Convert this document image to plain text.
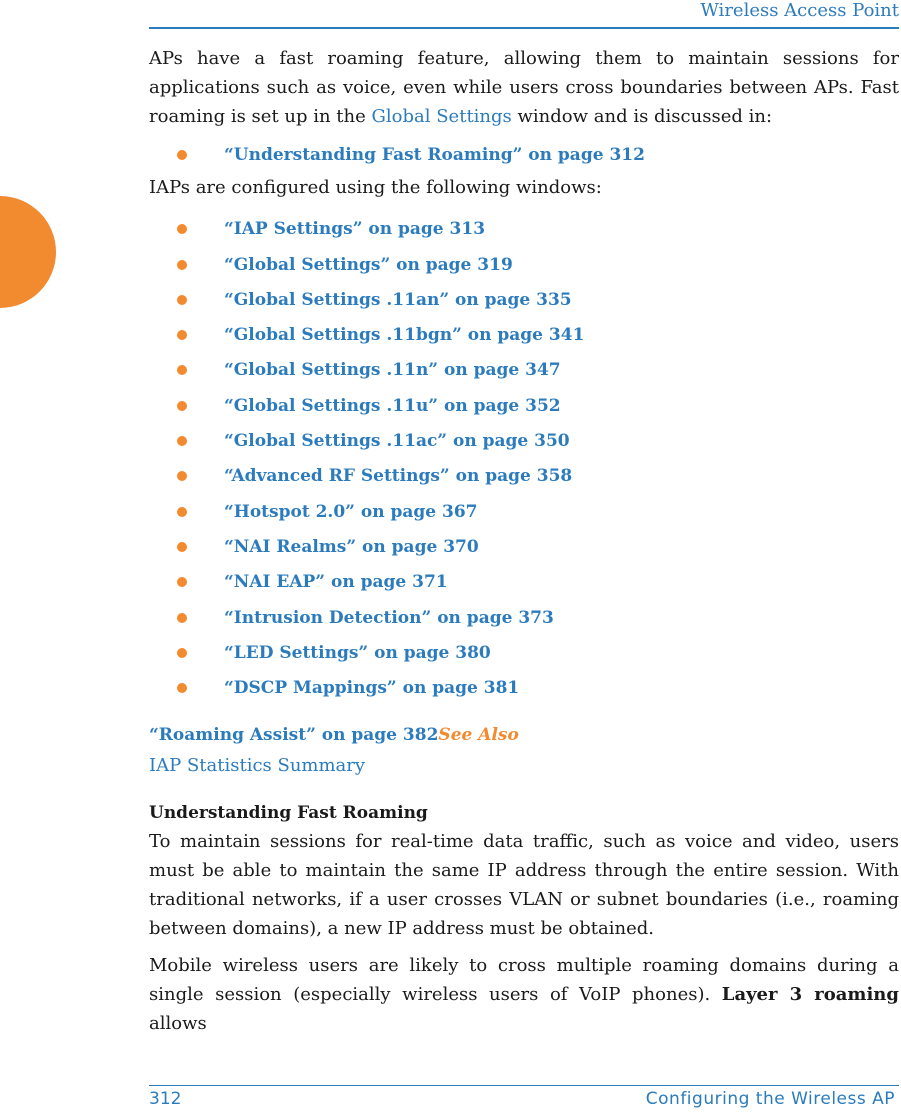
Wireless Access Point

APs have a fast roaming feature, allowing them to maintain sessions for applications such as voice, even while users cross boundaries between APs. Fast roaming is set up in the Global Settings window and is discussed in:

“Understanding Fast Roaming” on page 312

IAPs are configured using the following windows:

“IAP Settings” on page 313
“Global Settings” on page 319
“Global Settings .11an” on page 335
“Global Settings .11bgn” on page 341
“Global Settings .11n” on page 347
“Global Settings .11u” on page 352
“Global Settings .11ac” on page 350
“Advanced RF Settings” on page 358
“Hotspot 2.0” on page 367
“NAI Realms” on page 370
“NAI EAP” on page 371
“Intrusion Detection” on page 373
“LED Settings” on page 380
“DSCP Mappings” on page 381
“Roaming Assist” on page 382See Also

IAP Statistics Summary

Understanding Fast Roaming

To maintain sessions for real-time data traffic, such as voice and video, users must be able to maintain the same IP address through the entire session. With traditional networks, if a user crosses VLAN or subnet boundaries (i.e., roaming between domains), a new IP address must be obtained.

Mobile wireless users are likely to cross multiple roaming domains during a single session (especially wireless users of VoIP phones). Layer 3 roaming allows

312	Configuring the Wireless AP
